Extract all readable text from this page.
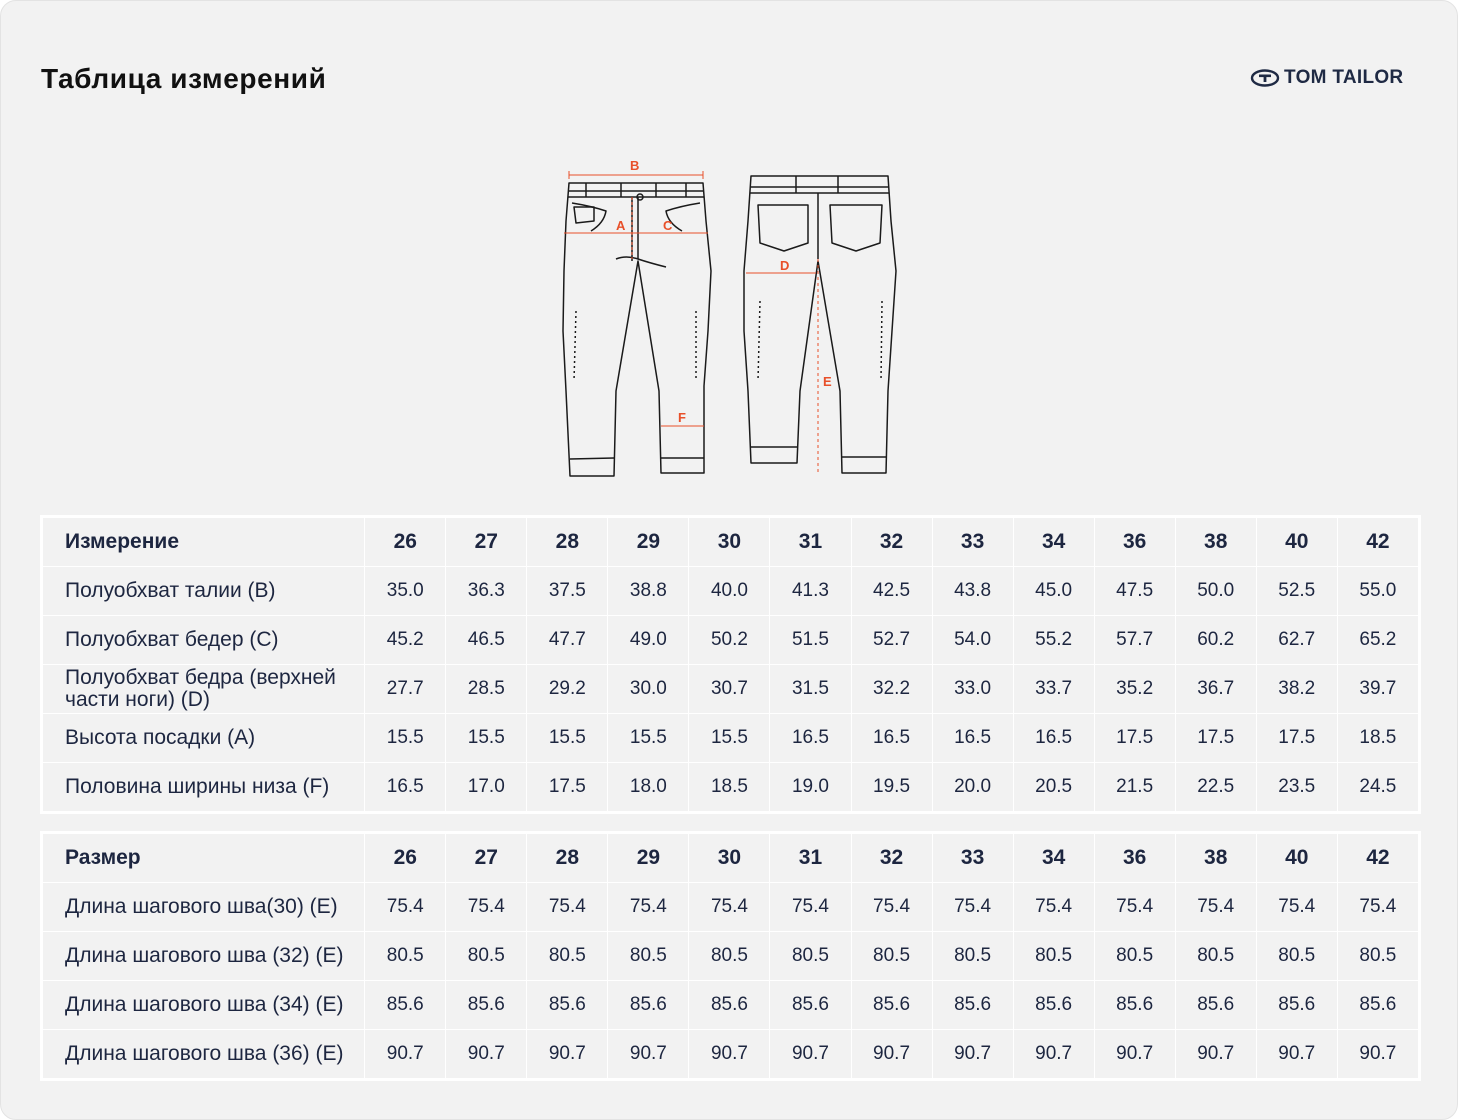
Таблица измерений	TOM TAILOR
B
A	C
D
E
F
Измерение	26	27	28	29	30	31	32	33	34	36	38	40	42
Полуобхват талии (B)	35.0	36.3	37.5	38.8	40.0	41.3	42.5	43.8	45.0	47.5	50.0	52.5	55.0
Полуобхват бедер (C)	45.2	46.5	47.7	49.0	50.2	51.5	52.7	54.0	55.2	57.7	60.2	62.7	65.2
Полуобхват бедра (верхней части ноги) (D)	27.7	28.5	29.2	30.0	30.7	31.5	32.2	33.0	33.7	35.2	36.7	38.2	39.7
Высота посадки (A)	15.5	15.5	15.5	15.5	15.5	16.5	16.5	16.5	16.5	17.5	17.5	17.5	18.5
Половина ширины низа (F)	16.5	17.0	17.5	18.0	18.5	19.0	19.5	20.0	20.5	21.5	22.5	23.5	24.5
Размер	26	27	28	29	30	31	32	33	34	36	38	40	42
Длина шагового шва(30) (E)	75.4	75.4	75.4	75.4	75.4	75.4	75.4	75.4	75.4	75.4	75.4	75.4	75.4
Длина шагового шва (32) (E)	80.5	80.5	80.5	80.5	80.5	80.5	80.5	80.5	80.5	80.5	80.5	80.5	80.5
Длина шагового шва (34) (E)	85.6	85.6	85.6	85.6	85.6	85.6	85.6	85.6	85.6	85.6	85.6	85.6	85.6
Длина шагового шва (36) (E)	90.7	90.7	90.7	90.7	90.7	90.7	90.7	90.7	90.7	90.7	90.7	90.7	90.7
